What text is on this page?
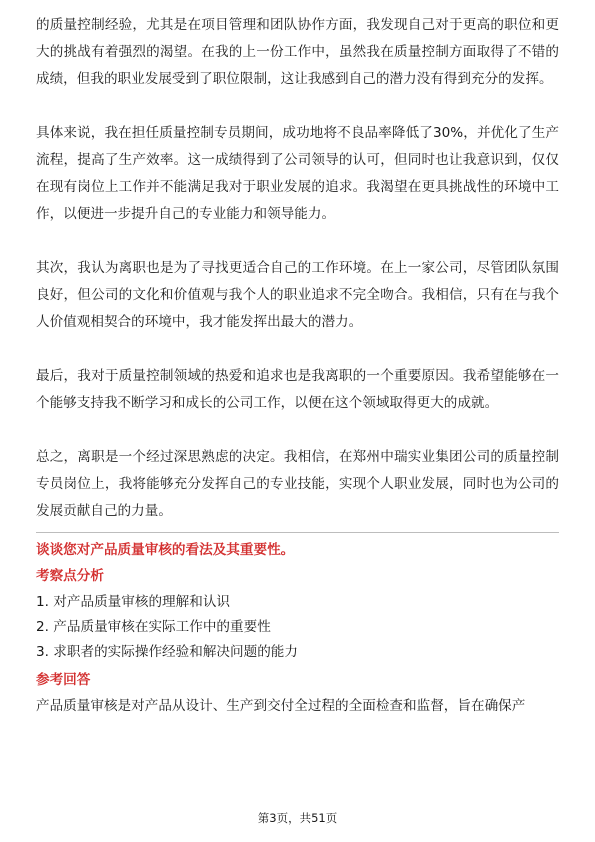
的质量控制经验，尤其是在项目管理和团队协作方面，我发现自己对于更高的职位和更大的挑战有着强烈的渴望。在我的上一份工作中，虽然我在质量控制方面取得了不错的成绩，但我的职业发展受到了职位限制，这让我感到自己的潜力没有得到充分的发挥。

具体来说，我在担任质量控制专员期间，成功地将不良品率降低了30%，并优化了生产流程，提高了生产效率。这一成绩得到了公司领导的认可，但同时也让我意识到，仅仅在现有岗位上工作并不能满足我对于职业发展的追求。我渴望在更具挑战性的环境中工作，以便进一步提升自己的专业能力和领导能力。

其次，我认为离职也是为了寻找更适合自己的工作环境。在上一家公司，尽管团队氛围良好，但公司的文化和价值观与我个人的职业追求不完全吻合。我相信，只有在与我个人价值观相契合的环境中，我才能发挥出最大的潜力。

最后，我对于质量控制领域的热爱和追求也是我离职的一个重要原因。我希望能够在一个能够支持我不断学习和成长的公司工作，以便在这个领域取得更大的成就。

总之，离职是一个经过深思熟虑的决定。我相信，在郑州中瑞实业集团公司的质量控制专员岗位上，我将能够充分发挥自己的专业技能，实现个人职业发展，同时也为公司的发展贡献自己的力量。

谈谈您对产品质量审核的看法及其重要性。

考察点分析

1. 对产品质量审核的理解和认识
2. 产品质量审核在实际工作中的重要性
3. 求职者的实际操作经验和解决问题的能力

参考回答

产品质量审核是对产品从设计、生产到交付全过程的全面检查和监督，旨在确保产

第3页，共51页
